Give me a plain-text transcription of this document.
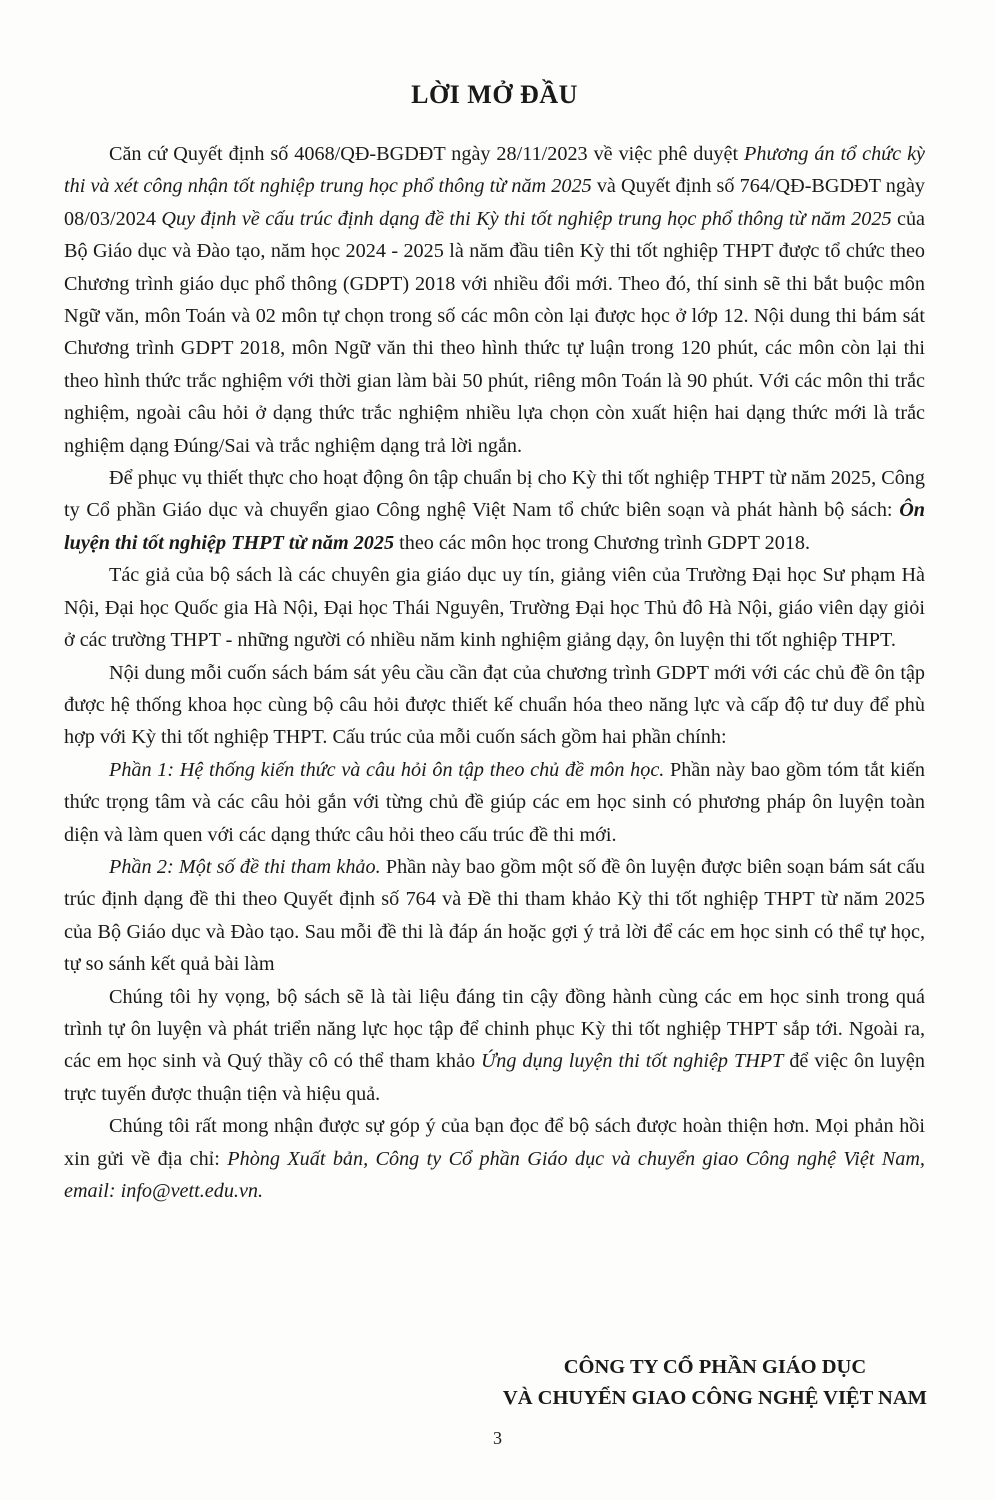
LỜI MỞ ĐẦU

Căn cứ Quyết định số 4068/QĐ-BGDĐT ngày 28/11/2023 về việc phê duyệt Phương án tổ chức kỳ thi và xét công nhận tốt nghiệp trung học phổ thông từ năm 2025 và Quyết định số 764/QĐ-BGDĐT ngày 08/03/2024 Quy định về cấu trúc định dạng đề thi Kỳ thi tốt nghiệp trung học phổ thông từ năm 2025 của Bộ Giáo dục và Đào tạo, năm học 2024 - 2025 là năm đầu tiên Kỳ thi tốt nghiệp THPT được tổ chức theo Chương trình giáo dục phổ thông (GDPT) 2018 với nhiều đổi mới. Theo đó, thí sinh sẽ thi bắt buộc môn Ngữ văn, môn Toán và 02 môn tự chọn trong số các môn còn lại được học ở lớp 12. Nội dung thi bám sát Chương trình GDPT 2018, môn Ngữ văn thi theo hình thức tự luận trong 120 phút, các môn còn lại thi theo hình thức trắc nghiệm với thời gian làm bài 50 phút, riêng môn Toán là 90 phút. Với các môn thi trắc nghiệm, ngoài câu hỏi ở dạng thức trắc nghiệm nhiều lựa chọn còn xuất hiện hai dạng thức mới là trắc nghiệm dạng Đúng/Sai và trắc nghiệm dạng trả lời ngắn.

Để phục vụ thiết thực cho hoạt động ôn tập chuẩn bị cho Kỳ thi tốt nghiệp THPT từ năm 2025, Công ty Cổ phần Giáo dục và chuyển giao Công nghệ Việt Nam tổ chức biên soạn và phát hành bộ sách: Ôn luyện thi tốt nghiệp THPT từ năm 2025 theo các môn học trong Chương trình GDPT 2018.

Tác giả của bộ sách là các chuyên gia giáo dục uy tín, giảng viên của Trường Đại học Sư phạm Hà Nội, Đại học Quốc gia Hà Nội, Đại học Thái Nguyên, Trường Đại học Thủ đô Hà Nội, giáo viên dạy giỏi ở các trường THPT - những người có nhiều năm kinh nghiệm giảng dạy, ôn luyện thi tốt nghiệp THPT.

Nội dung mỗi cuốn sách bám sát yêu cầu cần đạt của chương trình GDPT mới với các chủ đề ôn tập được hệ thống khoa học cùng bộ câu hỏi được thiết kế chuẩn hóa theo năng lực và cấp độ tư duy để phù hợp với Kỳ thi tốt nghiệp THPT. Cấu trúc của mỗi cuốn sách gồm hai phần chính:

Phần 1: Hệ thống kiến thức và câu hỏi ôn tập theo chủ đề môn học. Phần này bao gồm tóm tắt kiến thức trọng tâm và các câu hỏi gắn với từng chủ đề giúp các em học sinh có phương pháp ôn luyện toàn diện và làm quen với các dạng thức câu hỏi theo cấu trúc đề thi mới.

Phần 2: Một số đề thi tham khảo. Phần này bao gồm một số đề ôn luyện được biên soạn bám sát cấu trúc định dạng đề thi theo Quyết định số 764 và Đề thi tham khảo Kỳ thi tốt nghiệp THPT từ năm 2025 của Bộ Giáo dục và Đào tạo. Sau mỗi đề thi là đáp án hoặc gợi ý trả lời để các em học sinh có thể tự học, tự so sánh kết quả bài làm

Chúng tôi hy vọng, bộ sách sẽ là tài liệu đáng tin cậy đồng hành cùng các em học sinh trong quá trình tự ôn luyện và phát triển năng lực học tập để chinh phục Kỳ thi tốt nghiệp THPT sắp tới. Ngoài ra, các em học sinh và Quý thầy cô có thể tham khảo Ứng dụng luyện thi tốt nghiệp THPT để việc ôn luyện trực tuyến được thuận tiện và hiệu quả.

Chúng tôi rất mong nhận được sự góp ý của bạn đọc để bộ sách được hoàn thiện hơn. Mọi phản hồi xin gửi về địa chỉ: Phòng Xuất bản, Công ty Cổ phần Giáo dục và chuyển giao Công nghệ Việt Nam, email: info@vett.edu.vn.

CÔNG TY CỔ PHẦN GIÁO DỤC
VÀ CHUYỂN GIAO CÔNG NGHỆ VIỆT NAM
3
